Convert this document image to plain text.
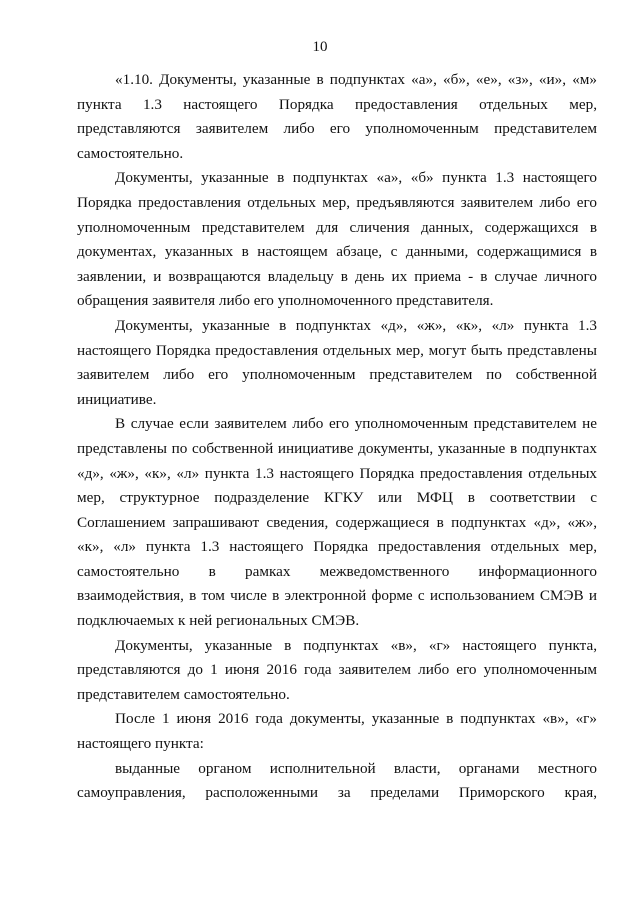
10

«1.10. Документы, указанные в подпунктах «а», «б», «е», «з», «и», «м» пункта 1.3 настоящего Порядка предоставления отдельных мер, представляются заявителем либо его уполномоченным представителем самостоятельно.

Документы, указанные в подпунктах «а», «б» пункта 1.3 настоящего Порядка предоставления отдельных мер, предъявляются заявителем либо его уполномоченным представителем для сличения данных, содержащихся в документах, указанных в настоящем абзаце, с данными, содержащимися в заявлении, и возвращаются владельцу в день их приема - в случае личного обращения заявителя либо его уполномоченного представителя.

Документы, указанные в подпунктах «д», «ж», «к», «л» пункта 1.3 настоящего Порядка предоставления отдельных мер, могут быть представлены заявителем либо его уполномоченным представителем по собственной инициативе.

В случае если заявителем либо его уполномоченным представителем не представлены по собственной инициативе документы, указанные в подпунктах «д», «ж», «к», «л» пункта 1.3 настоящего Порядка предоставления отдельных мер, структурное подразделение КГКУ или МФЦ в соответствии с Соглашением запрашивают сведения, содержащиеся в подпунктах «д», «ж», «к», «л» пункта 1.3 настоящего Порядка предоставления отдельных мер, самостоятельно в рамках межведомственного информационного взаимодействия, в том числе в электронной форме с использованием СМЭВ и подключаемых к ней региональных СМЭВ.

Документы, указанные в подпунктах «в», «г» настоящего пункта, представляются до 1 июня 2016 года заявителем либо его уполномоченным представителем самостоятельно.

После 1 июня 2016 года документы, указанные в подпунктах «в», «г» настоящего пункта:

выданные органом исполнительной власти, органами местного самоуправления, расположенными за пределами Приморского края,
